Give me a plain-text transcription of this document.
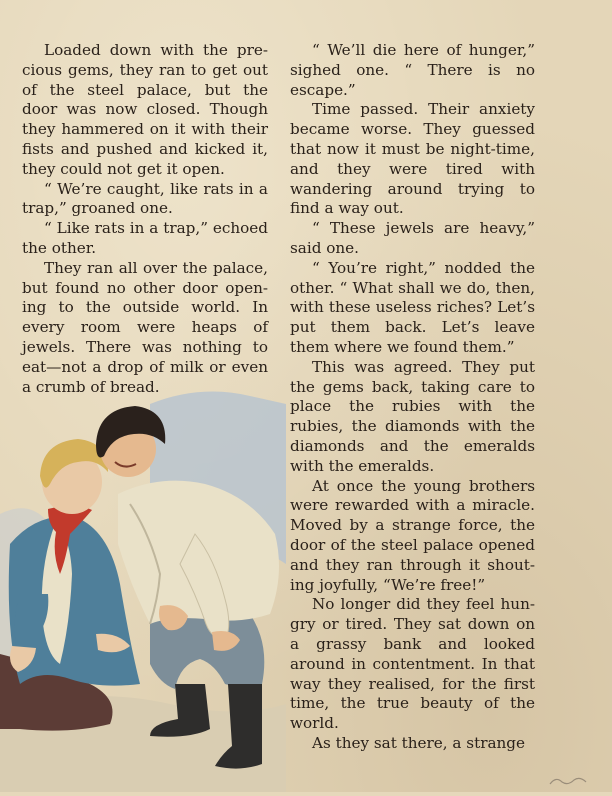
Loaded down with the precious gems, they ran to get out of the steel palace, but the door was now closed. Though they hammered on it with their fists and pushed and kicked it, they could not get it open.

“ We’re caught, like rats in a trap,” groaned one.

“ Like rats in a trap,” echoed the other.

They ran all over the palace, but found no other door opening to the outside world. In every room were heaps of jewels. There was nothing to eat—not a drop of milk or even a crumb of bread.

“ We’ll die here of hunger,” sighed one. “ There is no escape.”

Time passed. Their anxiety became worse. They guessed that now it must be night-time, and they were tired with wandering around trying to find a way out.

“ These jewels are heavy,” said one.

“ You’re right,” nodded the other. “ What shall we do, then, with these useless riches? Let’s put them back. Let’s leave them where we found them.”

This was agreed. They put the gems back, taking care to place the rubies with the rubies, the diamonds with the diamonds and the emeralds with the emeralds.

At once the young brothers were rewarded with a miracle. Moved by a strange force, the door of the steel palace opened and they ran through it shouting joyfully, “We’re free!”

No longer did they feel hungry or tired. They sat down on a grassy bank and looked around in contentment. In that way they realised, for the first time, the true beauty of the world.

As they sat there, a strange
